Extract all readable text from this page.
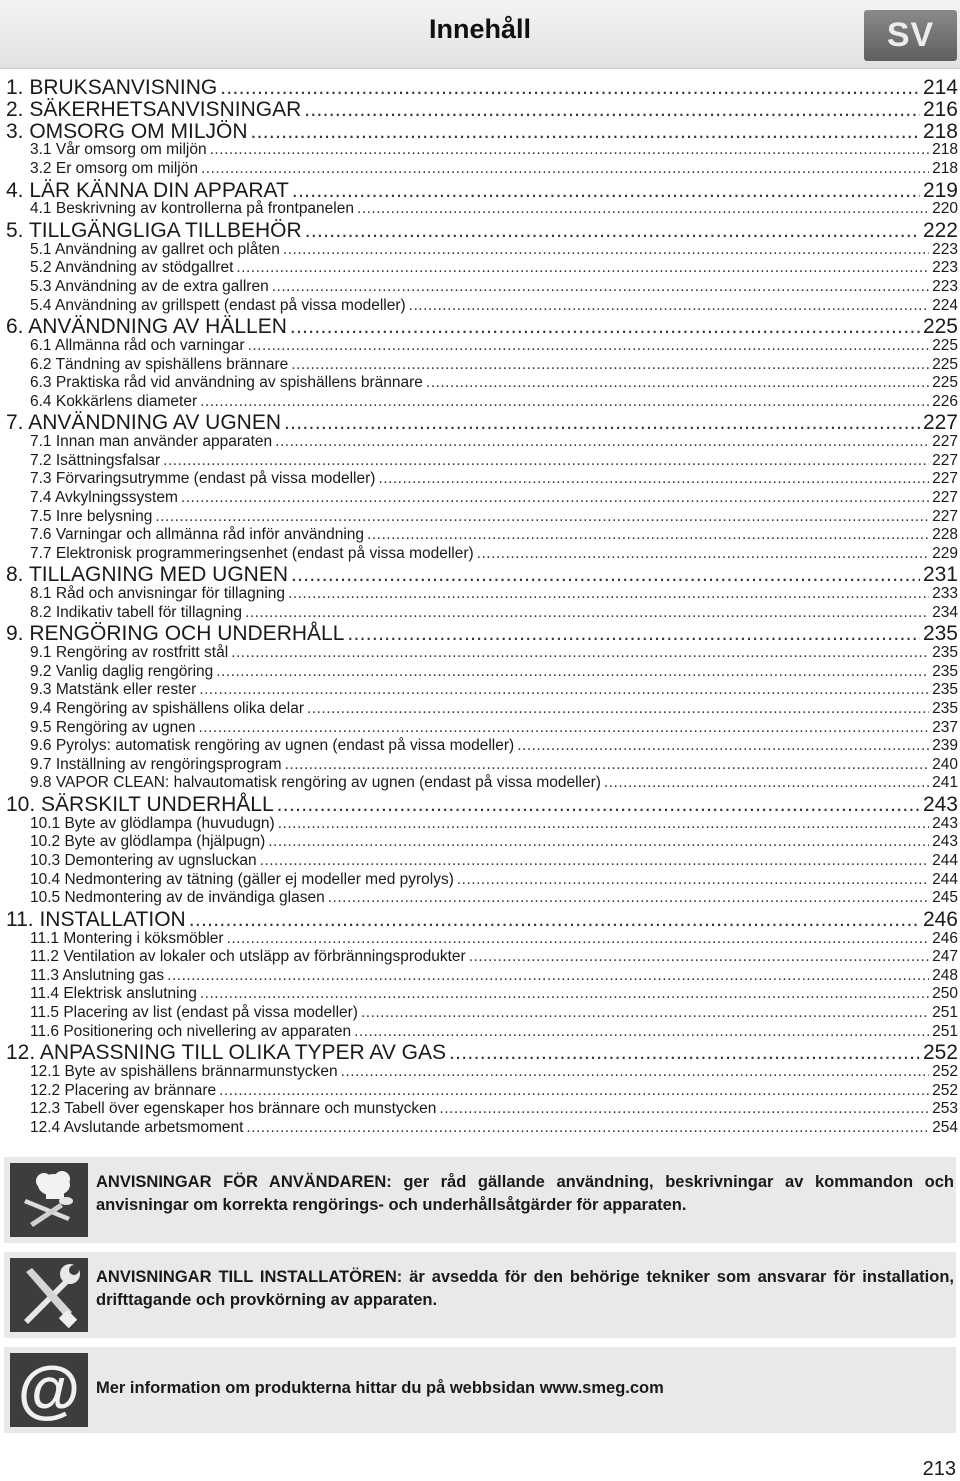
Innehåll	SV
1. BRUKSANVISNING .....	214
2. SÄKERHETSANVISNINGAR .....	216
3. OMSORG OM MILJÖN .....	218
3.1 Vår omsorg om miljön .....	218
3.2 Er omsorg om miljön .....	218
4. LÄR KÄNNA DIN APPARAT .....	219
4.1 Beskrivning av kontrollerna på frontpanelen .....	220
5. TILLGÄNGLIGA TILLBEHÖR .....	222
5.1 Användning av gallret och plåten .....	223
5.2 Användning av stödgallret .....	223
5.3 Användning av de extra gallren .....	223
5.4 Användning av grillspett (endast på vissa modeller) .....	224
6. ANVÄNDNING AV HÄLLEN .....	225
6.1 Allmänna råd och varningar .....	225
6.2 Tändning av spishällens brännare .....	225
6.3 Praktiska råd vid användning av spishällens brännare .....	225
6.4 Kokkärlens diameter .....	226
7. ANVÄNDNING AV UGNEN .....	227
7.1 Innan man använder apparaten .....	227
7.2 Isättningsfalsar .....	227
7.3 Förvaringsutrymme (endast på vissa modeller) .....	227
7.4 Avkylningssystem .....	227
7.5 Inre belysning .....	227
7.6 Varningar och allmänna råd inför användning .....	228
7.7 Elektronisk programmeringsenhet (endast på vissa modeller) .....	229
8. TILLAGNING MED UGNEN .....	231
8.1 Råd och anvisningar för tillagning .....	233
8.2 Indikativ tabell för tillagning .....	234
9. RENGÖRING OCH UNDERHÅLL .....	235
9.1 Rengöring av rostfritt stål .....	235
9.2 Vanlig daglig rengöring .....	235
9.3 Matstänk eller rester .....	235
9.4 Rengöring av spishällens olika delar .....	235
9.5 Rengöring av ugnen .....	237
9.6 Pyrolys: automatisk rengöring av ugnen (endast på vissa modeller) .....	239
9.7 Inställning av rengöringsprogram .....	240
9.8 VAPOR CLEAN: halvautomatisk rengöring av ugnen (endast på vissa modeller) .....	241
10. SÄRSKILT UNDERHÅLL .....	243
10.1 Byte av glödlampa (huvudugn) .....	243
10.2 Byte av glödlampa (hjälpugn) .....	243
10.3 Demontering av ugnsluckan .....	244
10.4 Nedmontering av tätning (gäller ej modeller med pyrolys) .....	244
10.5 Nedmontering av de invändiga glasen .....	245
11. INSTALLATION .....	246
11.1 Montering i köksmöbler .....	246
11.2 Ventilation av lokaler och utsläpp av förbränningsprodukter .....	247
11.3 Anslutning gas .....	248
11.4 Elektrisk anslutning .....	250
11.5 Placering av list (endast på vissa modeller) .....	251
11.6 Positionering och nivellering av apparaten .....	251
12. ANPASSNING TILL OLIKA TYPER AV GAS .....	252
12.1 Byte av spishällens brännarmunstycken .....	252
12.2 Placering av brännare .....	252
12.3 Tabell över egenskaper hos brännare och munstycken .....	253
12.4 Avslutande arbetsmoment .....	254
ANVISNINGAR FÖR ANVÄNDAREN: ger råd gällande användning, beskrivningar av kommandon och anvisningar om korrekta rengörings- och underhållsåtgärder för apparaten.
ANVISNINGAR TILL INSTALLATÖREN: är avsedda för den behörige tekniker som ansvarar för installation, drifttagande och provkörning av apparaten.
@ Mer information om produkterna hittar du på webbsidan www.smeg.com
213
